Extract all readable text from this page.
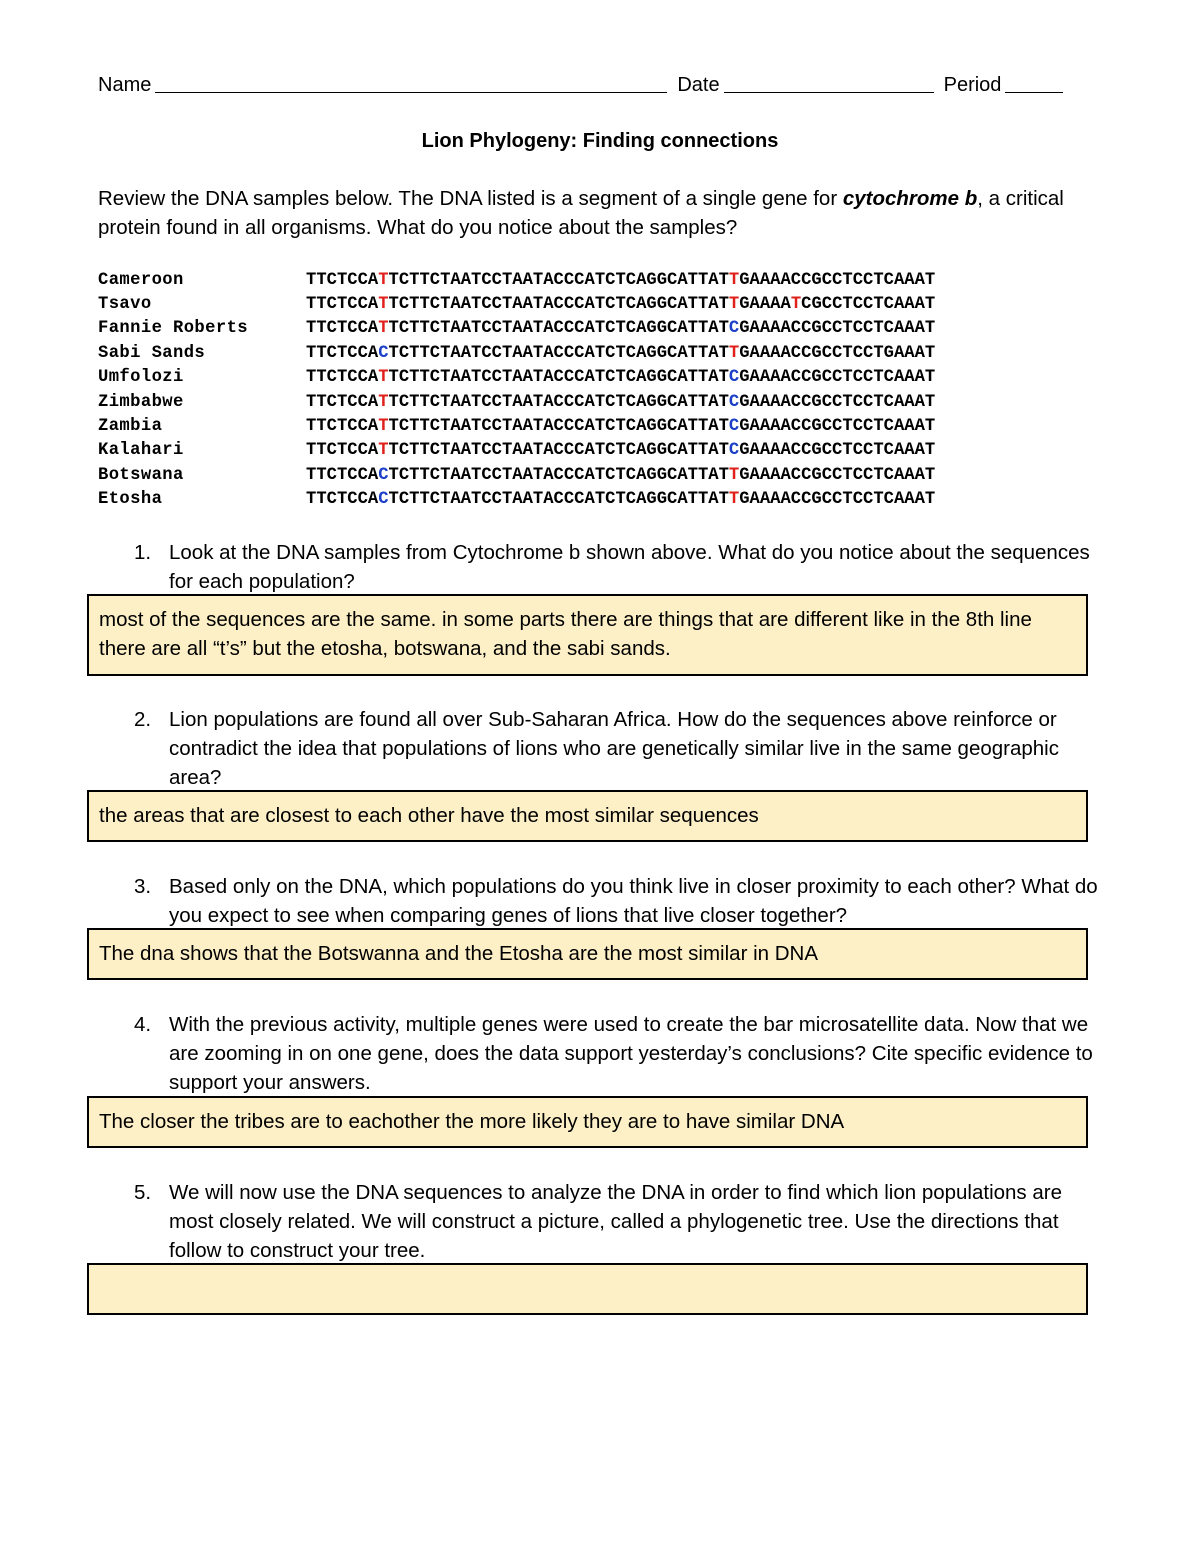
Name	Date	Period
Lion Phylogeny: Finding connections
Review the DNA samples below. The DNA listed is a segment of a single gene for cytochrome b, a critical protein found in all organisms. What do you notice about the samples?
Cameroon	TTCTCCATTCTTCTAATCCTAATACCCATCTCAGGCATTATTGAAAACCGCCTCCTCAAAT
Tsavo	TTCTCCATTCTTCTAATCCTAATACCCATCTCAGGCATTATTGAAAATCGCCTCCTCAAAT
Fannie Roberts	TTCTCCATTCTTCTAATCCTAATACCCATCTCAGGCATTATCGAAAACCGCCTCCTCAAAT
Sabi Sands	TTCTCCACTCTTCTAATCCTAATACCCATCTCAGGCATTATTGAAAACCGCCTCCTGAAAT
Umfolozi	TTCTCCATTCTTCTAATCCTAATACCCATCTCAGGCATTATCGAAAACCGCCTCCTCAAAT
Zimbabwe	TTCTCCATTCTTCTAATCCTAATACCCATCTCAGGCATTATCGAAAACCGCCTCCTCAAAT
Zambia	TTCTCCATTCTTCTAATCCTAATACCCATCTCAGGCATTATCGAAAACCGCCTCCTCAAAT
Kalahari	TTCTCCATTCTTCTAATCCTAATACCCATCTCAGGCATTATCGAAAACCGCCTCCTCAAAT
Botswana	TTCTCCACTCTTCTAATCCTAATACCCATCTCAGGCATTATTGAAAACCGCCTCCTCAAAT
Etosha	TTCTCCACTCTTCTAATCCTAATACCCATCTCAGGCATTATTGAAAACCGCCTCCTCAAAT
1. Look at the DNA samples from Cytochrome b shown above. What do you notice about the sequences for each population?
most of the sequences are the same. in some parts there are things that are different like in the 8th line there are all “t’s” but the etosha, botswana, and the sabi sands.
2. Lion populations are found all over Sub-Saharan Africa. How do the sequences above reinforce or contradict the idea that populations of lions who are genetically similar live in the same geographic area?
the areas that are closest to each other have the most similar sequences
3. Based only on the DNA, which populations do you think live in closer proximity to each other? What do you expect to see when comparing genes of lions that live closer together?
The dna shows that the Botswanna and the Etosha are the most similar in DNA
4. With the previous activity, multiple genes were used to create the bar microsatellite data. Now that we are zooming in on one gene, does the data support yesterday’s conclusions? Cite specific evidence to support your answers.
The closer the tribes are to eachother the more likely they are to have similar DNA
5. We will now use the DNA sequences to analyze the DNA in order to find which lion populations are most closely related. We will construct a picture, called a phylogenetic tree. Use the directions that follow to construct your tree.
